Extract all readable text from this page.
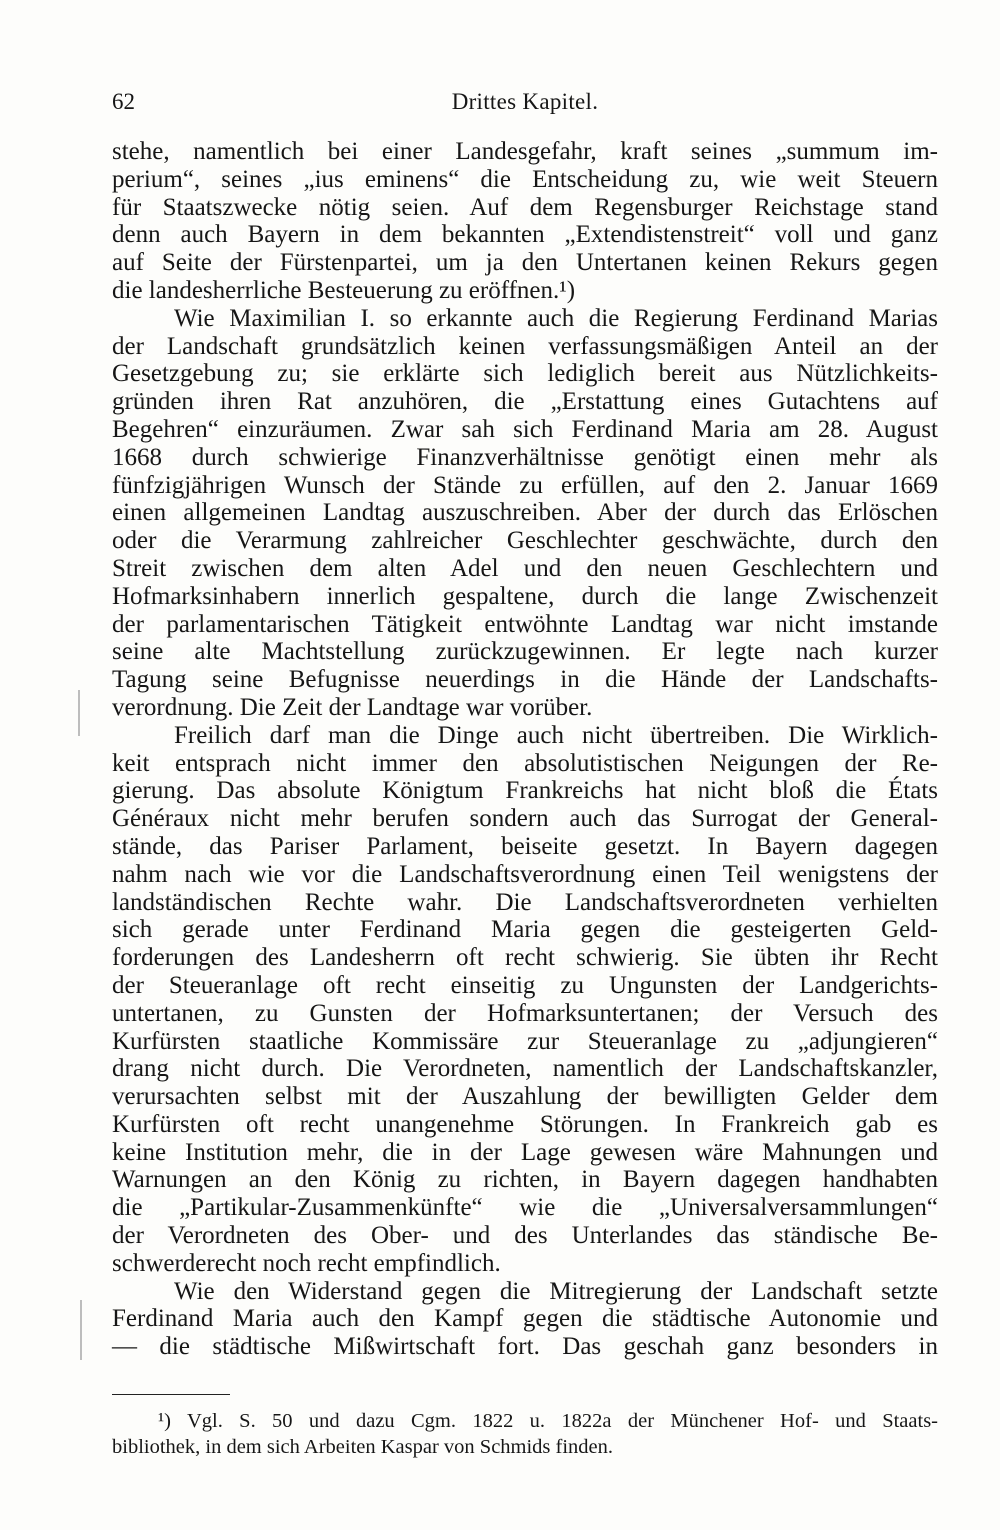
62	Drittes Kapitel.
stehe, namentlich bei einer Landesgefahr, kraft seines „summum im-
perium“, seines „ius eminens“ die Entscheidung zu, wie weit Steuern
für Staatszwecke nötig seien. Auf dem Regensburger Reichstage stand
denn auch Bayern in dem bekannten „Extendistenstreit“ voll und ganz
auf Seite der Fürstenpartei, um ja den Untertanen keinen Rekurs gegen
die landesherrliche Besteuerung zu eröffnen.¹)
Wie Maximilian I. so erkannte auch die Regierung Ferdinand Marias
der Landschaft grundsätzlich keinen verfassungsmäßigen Anteil an der
Gesetzgebung zu; sie erklärte sich lediglich bereit aus Nützlichkeits-
gründen ihren Rat anzuhören, die „Erstattung eines Gutachtens auf
Begehren“ einzuräumen. Zwar sah sich Ferdinand Maria am 28. August
1668 durch schwierige Finanzverhältnisse genötigt einen mehr als
fünfzigjährigen Wunsch der Stände zu erfüllen, auf den 2. Januar 1669
einen allgemeinen Landtag auszuschreiben. Aber der durch das Erlöschen
oder die Verarmung zahlreicher Geschlechter geschwächte, durch den
Streit zwischen dem alten Adel und den neuen Geschlechtern und
Hofmarksinhabern innerlich gespaltene, durch die lange Zwischenzeit
der parlamentarischen Tätigkeit entwöhnte Landtag war nicht imstande
seine alte Machtstellung zurückzugewinnen. Er legte nach kurzer
Tagung seine Befugnisse neuerdings in die Hände der Landschafts-
verordnung. Die Zeit der Landtage war vorüber.
Freilich darf man die Dinge auch nicht übertreiben. Die Wirklich-
keit entsprach nicht immer den absolutistischen Neigungen der Re-
gierung. Das absolute Königtum Frankreichs hat nicht bloß die États
Généraux nicht mehr berufen sondern auch das Surrogat der General-
stände, das Pariser Parlament, beiseite gesetzt. In Bayern dagegen
nahm nach wie vor die Landschaftsverordnung einen Teil wenigstens der
landständischen Rechte wahr. Die Landschaftsverordneten verhielten
sich gerade unter Ferdinand Maria gegen die gesteigerten Geld-
forderungen des Landesherrn oft recht schwierig. Sie übten ihr Recht
der Steueranlage oft recht einseitig zu Ungunsten der Landgerichts-
untertanen, zu Gunsten der Hofmarksuntertanen; der Versuch des
Kurfürsten staatliche Kommissäre zur Steueranlage zu „adjungieren“
drang nicht durch. Die Verordneten, namentlich der Landschaftskanzler,
verursachten selbst mit der Auszahlung der bewilligten Gelder dem
Kurfürsten oft recht unangenehme Störungen. In Frankreich gab es
keine Institution mehr, die in der Lage gewesen wäre Mahnungen und
Warnungen an den König zu richten, in Bayern dagegen handhabten
die „Partikular-Zusammenkünfte“ wie die „Universalversammlungen“
der Verordneten des Ober- und des Unterlandes das ständische Be-
schwerderecht noch recht empfindlich.
Wie den Widerstand gegen die Mitregierung der Landschaft setzte
Ferdinand Maria auch den Kampf gegen die städtische Autonomie und
— die städtische Mißwirtschaft fort. Das geschah ganz besonders in
¹) Vgl. S. 50 und dazu Cgm. 1822 u. 1822a der Münchener Hof- und Staats-
bibliothek, in dem sich Arbeiten Kaspar von Schmids finden.
